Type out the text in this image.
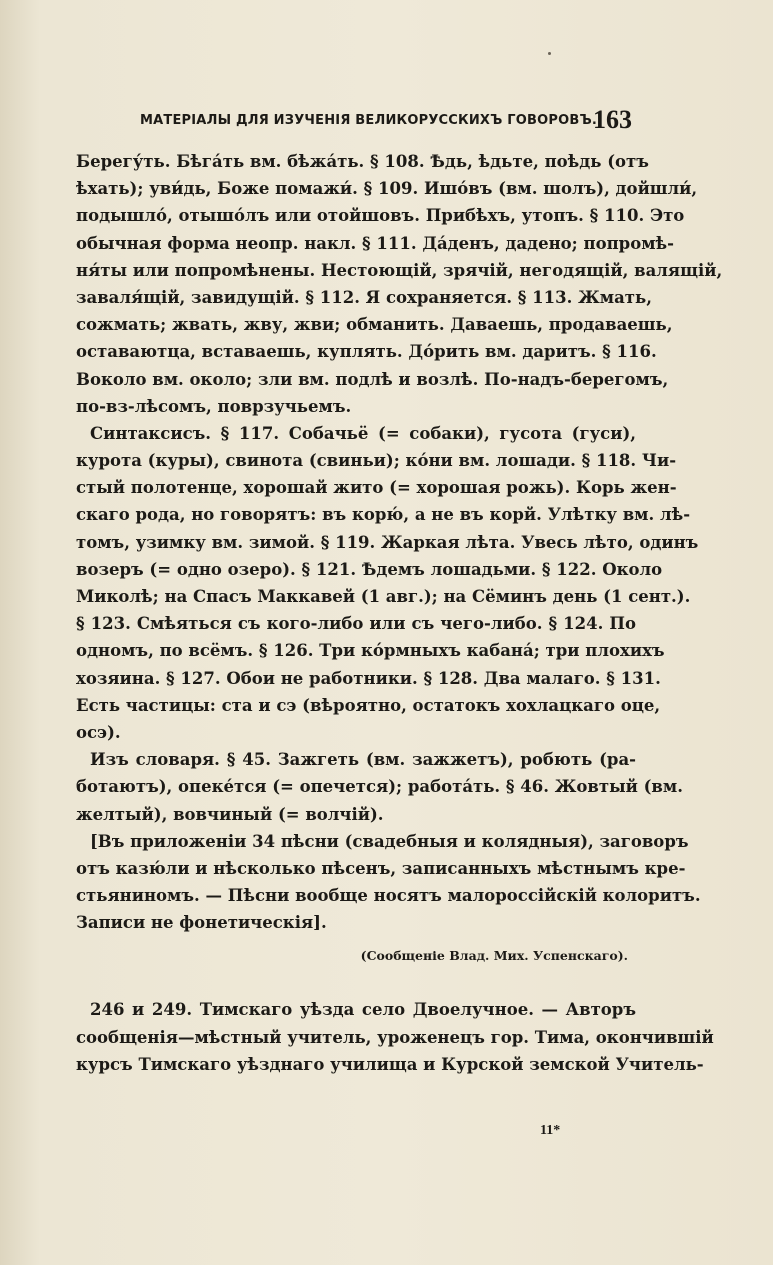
МАТЕРІАЛЫ ДЛЯ ИЗУЧЕНІЯ ВЕЛИКОРУССКИХЪ ГОВОРОВЪ.
163
Берегу́ть. Бѣга́ть вм. бѣжа́ть. § 108. Ѣдь, ѣдьте, поѣдь (отъ
ѣхать); уви́дь, Боже помажи́. § 109. Ишо́въ (вм. шолъ), дойшли́,
подышло́, отышо́лъ или отойшовъ. Прибѣхъ, утопъ. § 110. Это
обычная форма неопр. накл. § 111. Да́денъ, дадено; попромѣ-
ня́ты или попромѣнены. Нестоющій, зрячій, негодящій, валящій,
заваля́щій, завидущій. § 112. Я сохраняется. § 113. Жмать,
сожмать; жвать, жву, жви; обманить. Даваешь, продаваешь,
оставаютца, вставаешь, куплять. До́рить вм. даритъ. § 116.
Воколо вм. около; зли вм. подлѣ и возлѣ. По-надъ-берегомъ,
по-вз-лѣсомъ, поврзучьемъ.
Синтаксисъ. § 117. Собачьё (= собаки), гусота (гуси),
курота (куры), свинота (свиньи); ко́ни вм. лошади. § 118. Чи-
стый полотенце, хорошай жито (= хорошая рожь). Корь жен-
скаго рода, но говорятъ: въ корю́, а не въ корй. Улѣтку вм. лѣ-
томъ, узимку вм. зимой. § 119. Жаркая лѣта. Увесь лѣто, одинъ
возеръ (= одно озеро). § 121. Ѣдемъ лошадьми. § 122. Около
Миколѣ; на Спасъ Маккавей (1 авг.); на Сёминъ день (1 сент.).
§ 123. Смѣяться съ кого-либо или съ чего-либо. § 124. По
одномъ, по всёмъ. § 126. Три ко́рмныхъ кабана́; три плохихъ
хозяина. § 127. Обои не работники. § 128. Два малаго. § 131.
Есть частицы: ста и сэ (вѣроятно, остатокъ хохлацкаго оце,
осэ).
Изъ словаря. § 45. Зажгеть (вм. зажжетъ), робють (ра-
ботаютъ), опеке́тся (= опечется); работа́ть. § 46. Жовтый (вм.
желтый), вовчиный (= волчій).
[Въ приложеніи 34 пѣсни (свадебныя и колядныя), заговоръ
отъ казю́ли и нѣсколько пѣсенъ, записанныхъ мѣстнымъ кре-
стьяниномъ. — Пѣсни вообще носятъ малороссійскій колоритъ.
Записи не фонетическія].
(Сообщеніе Влад. Мих. Успенскаго).
246 и 249. Тимскаго уѣзда село Двоелучное. — Авторъ
сообщенія—мѣстный учитель, уроженецъ гор. Тима, окончившій
курсъ Тимскаго уѣзднаго училища и Курской земской Учитель-
11*
